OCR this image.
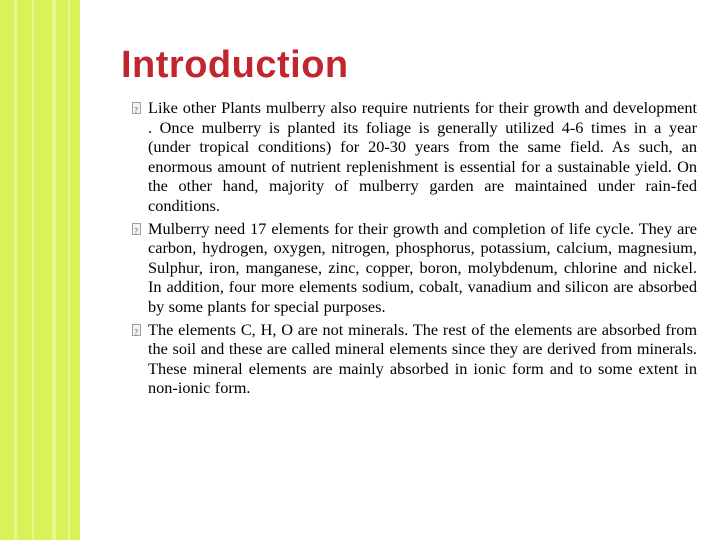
Introduction
?
Like other Plants mulberry also require nutrients for their growth and development . Once mulberry is planted its foliage is generally utilized 4-6 times in a year (under tropical conditions) for 20-30 years from the same field. As such, an enormous amount of nutrient replenishment is essential for a sustainable yield. On the other hand, majority of mulberry garden are maintained under rain-fed conditions.
?
Mulberry need 17 elements for their growth and completion of life cycle. They are carbon, hydrogen, oxygen, nitrogen, phosphorus, potassium, calcium, magnesium, Sulphur, iron, manganese, zinc, copper, boron, molybdenum, chlorine and nickel. In addition, four more elements sodium, cobalt, vanadium and silicon are absorbed by some plants for special purposes.
?
The elements C, H, O are not minerals. The rest of the elements are absorbed from the soil and these are called mineral elements since they are derived from minerals. These mineral elements are mainly absorbed in ionic form and to some extent in non-ionic form.
